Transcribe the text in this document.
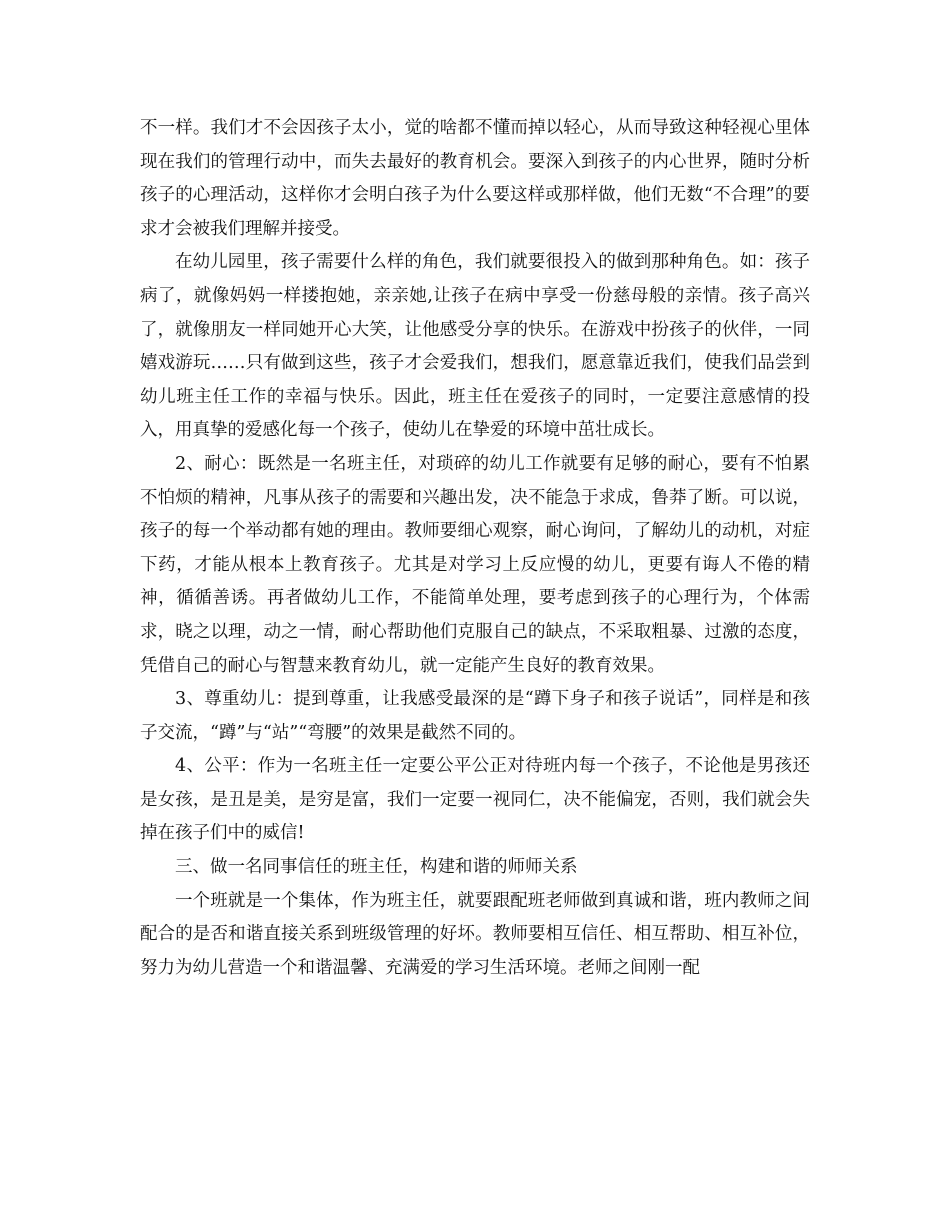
不一样。我们才不会因孩子太小，觉的啥都不懂而掉以轻心，从而导致这种轻视心里体现在我们的管理行动中，而失去最好的教育机会。要深入到孩子的内心世界，随时分析孩子的心理活动，这样你才会明白孩子为什么要这样或那样做，他们无数“不合理”的要求才会被我们理解并接受。

在幼儿园里，孩子需要什么样的角色，我们就要很投入的做到那种角色。如：孩子病了，就像妈妈一样搂抱她，亲亲她,让孩子在病中享受一份慈母般的亲情。孩子高兴了，就像朋友一样同她开心大笑，让他感受分享的快乐。在游戏中扮孩子的伙伴，一同嬉戏游玩……只有做到这些，孩子才会爱我们，想我们，愿意靠近我们，使我们品尝到幼儿班主任工作的幸福与快乐。因此，班主任在爱孩子的同时，一定要注意感情的投入，用真挚的爱感化每一个孩子，使幼儿在挚爱的环境中茁壮成长。

2、耐心：既然是一名班主任，对琐碎的幼儿工作就要有足够的耐心，要有不怕累不怕烦的精神，凡事从孩子的需要和兴趣出发，决不能急于求成，鲁莽了断。可以说，孩子的每一个举动都有她的理由。教师要细心观察，耐心询问，了解幼儿的动机，对症下药，才能从根本上教育孩子。尤其是对学习上反应慢的幼儿，更要有诲人不倦的精神，循循善诱。再者做幼儿工作，不能简单处理，要考虑到孩子的心理行为，个体需求，晓之以理，动之一情，耐心帮助他们克服自己的缺点，不采取粗暴、过激的态度，凭借自己的耐心与智慧来教育幼儿，就一定能产生良好的教育效果。

3、尊重幼儿：提到尊重，让我感受最深的是“蹲下身子和孩子说话”，同样是和孩子交流，“蹲”与“站”“弯腰”的效果是截然不同的。

4、公平：作为一名班主任一定要公平公正对待班内每一个孩子，不论他是男孩还是女孩，是丑是美，是穷是富，我们一定要一视同仁，决不能偏宠，否则，我们就会失掉在孩子们中的威信!

三、做一名同事信任的班主任，构建和谐的师师关系

一个班就是一个集体，作为班主任，就要跟配班老师做到真诚和谐，班内教师之间配合的是否和谐直接关系到班级管理的好坏。教师要相互信任、相互帮助、相互补位，努力为幼儿营造一个和谐温馨、充满爱的学习生活环境。老师之间刚一配
